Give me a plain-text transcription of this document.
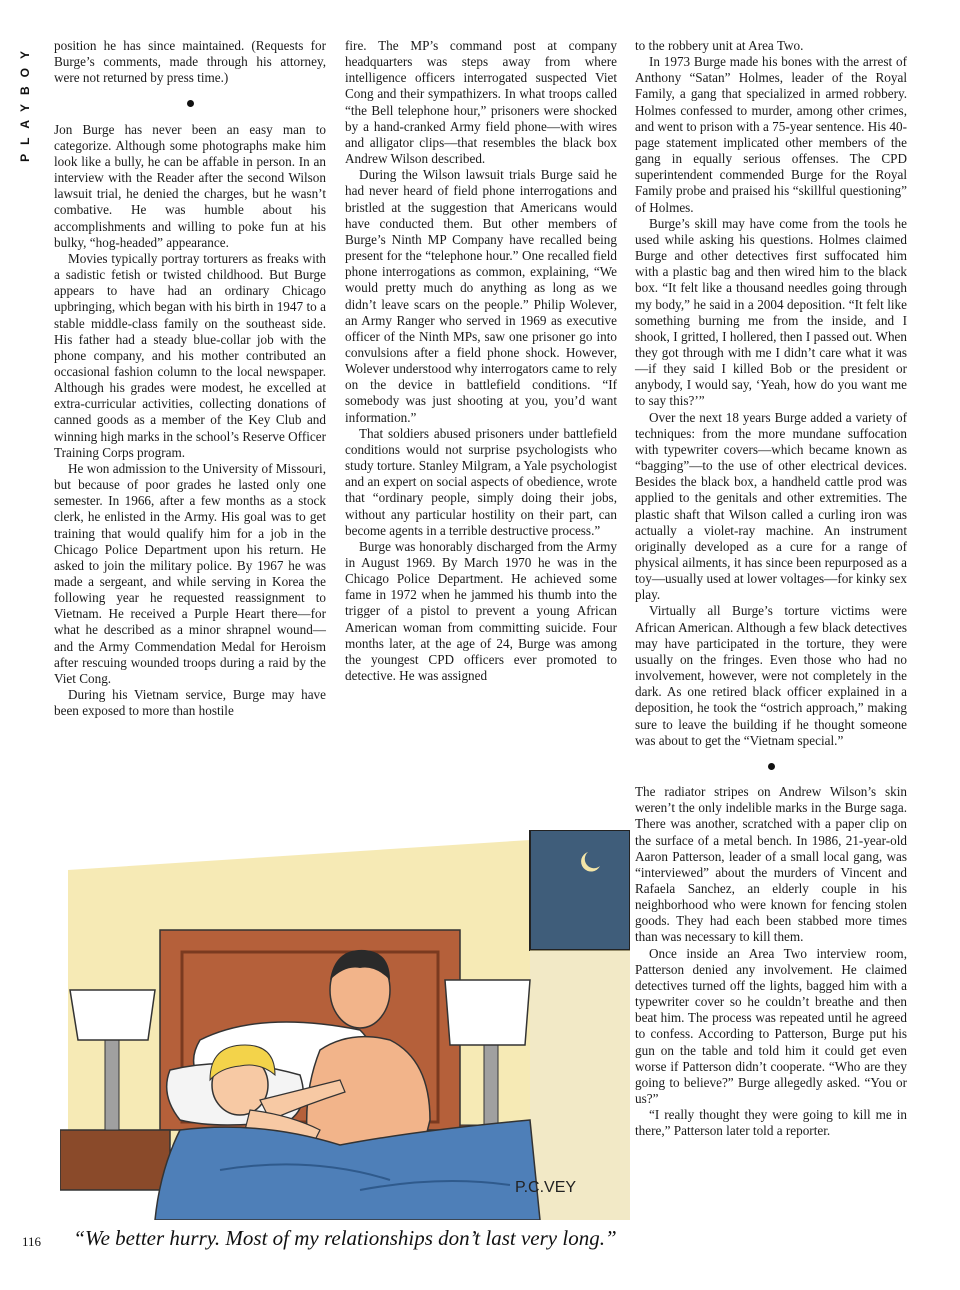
PLAYBOY	position he has since maintained. (Requests for Burge’s comments, made through his attorney, were not returned by press time.)

Jon Burge has never been an easy man to categorize. Although some photographs make him look like a bully, he can be affable in person. In an interview with the Reader after the second Wilson lawsuit trial, he denied the charges, but he wasn’t combative. He was humble about his accomplishments and willing to poke fun at his bulky, “hog-headed” appearance.

Movies typically portray torturers as freaks with a sadistic fetish or twisted childhood. But Burge appears to have had an ordinary Chicago upbringing, which began with his birth in 1947 to a stable middle-class family on the southeast side. His father had a steady blue-collar job with the phone company, and his mother contributed an occasional fashion column to the local newspaper. Although his grades were modest, he excelled at extra-curricular activities, collecting donations of canned goods as a member of the Key Club and winning high marks in the school’s Reserve Officer Training Corps program.

He won admission to the University of Missouri, but because of poor grades he lasted only one semester. In 1966, after a few months as a stock clerk, he enlisted in the Army. His goal was to get training that would qualify him for a job in the Chicago Police Department upon his return. He asked to join the military police. By 1967 he was made a sergeant, and while serving in Korea the following year he requested reassignment to Vietnam. He received a Purple Heart there—for what he described as a minor shrapnel wound—and the Army Commendation Medal for Heroism after rescuing wounded troops during a raid by the Viet Cong.

During his Vietnam service, Burge may have been exposed to more than hostile

fire. The MP’s command post at company headquarters was steps away from where intelligence officers interrogated suspected Viet Cong and their sympathizers. In what troops called “the Bell telephone hour,” prisoners were shocked by a hand-cranked Army field phone—with wires and alligator clips—that resembles the black box Andrew Wilson described.

During the Wilson lawsuit trials Burge said he had never heard of field phone interrogations and bristled at the suggestion that Americans would have conducted them. But other members of Burge’s Ninth MP Company have recalled being present for the “telephone hour.” One recalled field phone interrogations as common, explaining, “We would pretty much do anything as long as we didn’t leave scars on the people.” Philip Wolever, an Army Ranger who served in 1969 as executive officer of the Ninth MPs, saw one prisoner go into convulsions after a field phone shock. However, Wolever understood why interrogators came to rely on the device in battlefield conditions. “If somebody was just shooting at you, you’d want information.”

That soldiers abused prisoners under battlefield conditions would not surprise psychologists who study torture. Stanley Milgram, a Yale psychologist and an expert on social aspects of obedience, wrote that “ordinary people, simply doing their jobs, without any particular hostility on their part, can become agents in a terrible destructive process.”

Burge was honorably discharged from the Army in August 1969. By March 1970 he was in the Chicago Police Department. He achieved some fame in 1972 when he jammed his thumb into the trigger of a pistol to prevent a young African American woman from committing suicide. Four months later, at the age of 24, Burge was among the youngest CPD officers ever promoted to detective. He was assigned

to the robbery unit at Area Two.

In 1973 Burge made his bones with the arrest of Anthony “Satan” Holmes, leader of the Royal Family, a gang that specialized in armed robbery. Holmes confessed to murder, among other crimes, and went to prison with a 75-year sentence. His 40-page statement implicated other members of the gang in equally serious offenses. The CPD superintendent commended Burge for the Royal Family probe and praised his “skillful questioning” of Holmes.

Burge’s skill may have come from the tools he used while asking his questions. Holmes claimed Burge and other detectives first suffocated him with a plastic bag and then wired him to the black box. “It felt like a thousand needles going through my body,” he said in a 2004 deposition. “It felt like something burning me from the inside, and I shook, I gritted, I hollered, then I passed out. When they got through with me I didn’t care what it was—if they said I killed Bob or the president or anybody, I would say, ‘Yeah, how do you want me to say this?’”

Over the next 18 years Burge added a variety of techniques: from the more mundane suffocation with typewriter covers—which became known as “bagging”—to the use of other electrical devices. Besides the black box, a handheld cattle prod was applied to the genitals and other extremities. The plastic shaft that Wilson called a curling iron was actually a violet-ray machine. An instrument originally developed as a cure for a range of physical ailments, it has since been repurposed as a toy—usually used at lower voltages—for kinky sex play.

Virtually all Burge’s torture victims were African American. Although a few black detectives may have participated in the torture, they were usually on the fringes. Even those who had no involvement, however, were not completely in the dark. As one retired black officer explained in a deposition, he took the “ostrich approach,” making sure to leave the building if he thought someone was about to get the “Vietnam special.”

The radiator stripes on Andrew Wilson’s skin weren’t the only indelible marks in the Burge saga. There was another, scratched with a paper clip on the surface of a metal bench. In 1986, 21-year-old Aaron Patterson, leader of a small local gang, was “interviewed” about the murders of Vincent and Rafaela Sanchez, an elderly couple in his neighborhood who were known for fencing stolen goods. They had each been stabbed more times than was necessary to kill them.

Once inside an Area Two interview room, Patterson denied any involvement. He claimed detectives turned off the lights, bagged him with a typewriter cover so he couldn’t breathe and then beat him. The process was repeated until he agreed to confess. According to Patterson, Burge put his gun on the table and told him it could get even worse if Patterson didn’t cooperate. “Who are they going to believe?” Burge allegedly asked. “You or us?”

“I really thought they were going to kill me in there,” Patterson later told a reporter.

P.C.VEY
“We better hurry. Most of my relationships don’t last very long.”
116
